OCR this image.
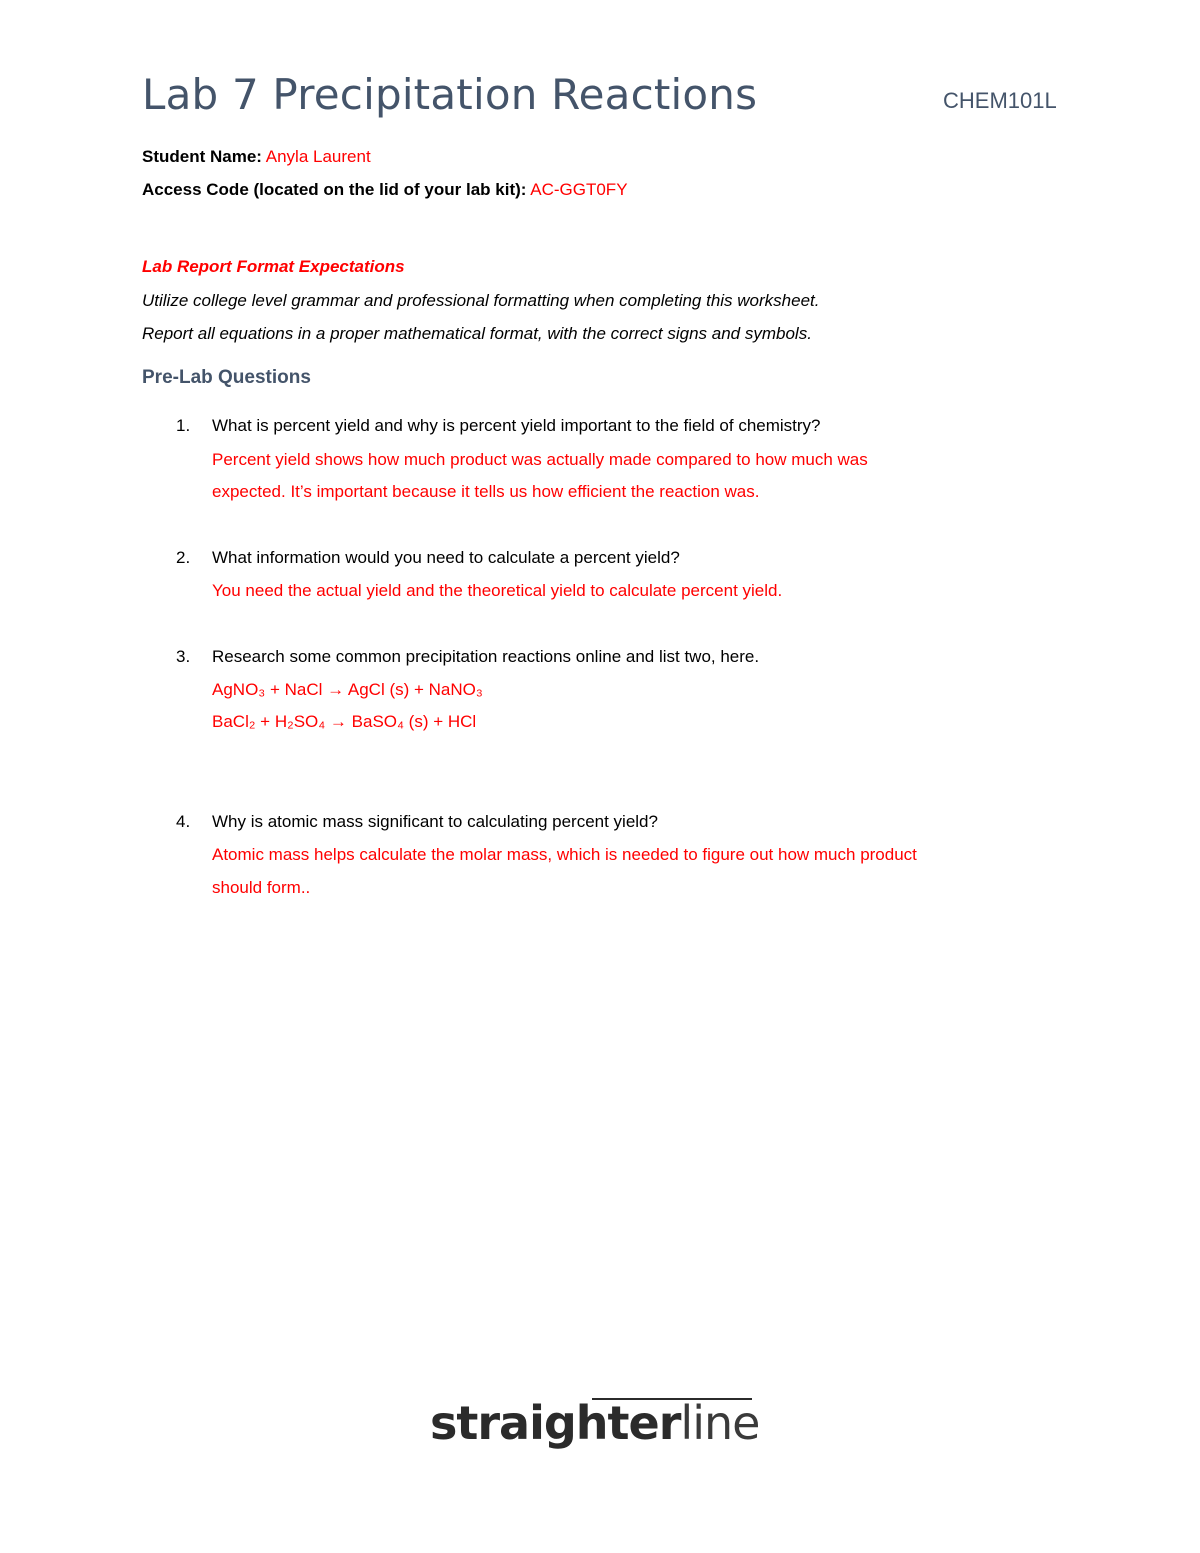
Lab 7 Precipitation Reactions	CHEM101L
Student Name: Anyla Laurent
Access Code (located on the lid of your lab kit): AC-GGT0FY
Lab Report Format Expectations
Utilize college level grammar and professional formatting when completing this worksheet.
Report all equations in a proper mathematical format, with the correct signs and symbols.
Pre-Lab Questions
1. What is percent yield and why is percent yield important to the field of chemistry?
Percent yield shows how much product was actually made compared to how much was
expected. It’s important because it tells us how efficient the reaction was.
2. What information would you need to calculate a percent yield?
You need the actual yield and the theoretical yield to calculate percent yield.
3. Research some common precipitation reactions online and list two, here.
AgNO₃ + NaCl → AgCl (s) + NaNO₃
BaCl₂ + H₂SO₄ → BaSO₄ (s) + HCl
4. Why is atomic mass significant to calculating percent yield?
Atomic mass helps calculate the molar mass, which is needed to figure out how much product
should form..
straighterline
